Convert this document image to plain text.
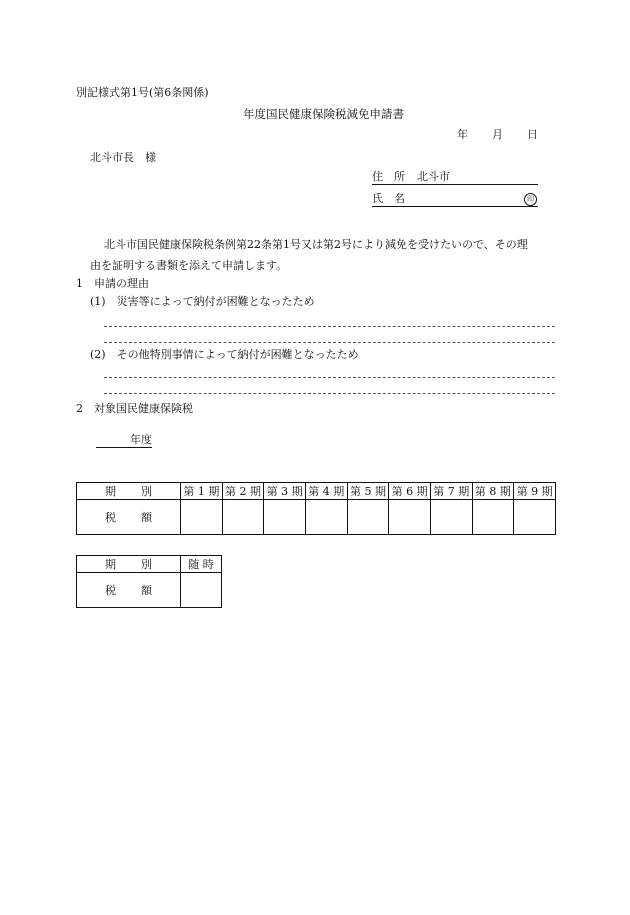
別記様式第1号(第6条関係)
年度国民健康保険税減免申請書
年 月 日
北斗市長　様
住　所 北斗市
氏　名	印
北斗市国民健康保険税条例第22条第1号又は第2号により減免を受けたいので、その理
由を証明する書類を添えて申請します。
1　申請の理由
(1)　災害等によって納付が困難となったため
(2)　その他特別事情によって納付が困難となったため
2　対象国民健康保険税
年度
期 別	第 1 期	第 2 期	第 3 期	第 4 期	第 5 期	第 6 期	第 7 期	第 8 期	第 9 期

税 額									

期 別	随 時

税 額	
